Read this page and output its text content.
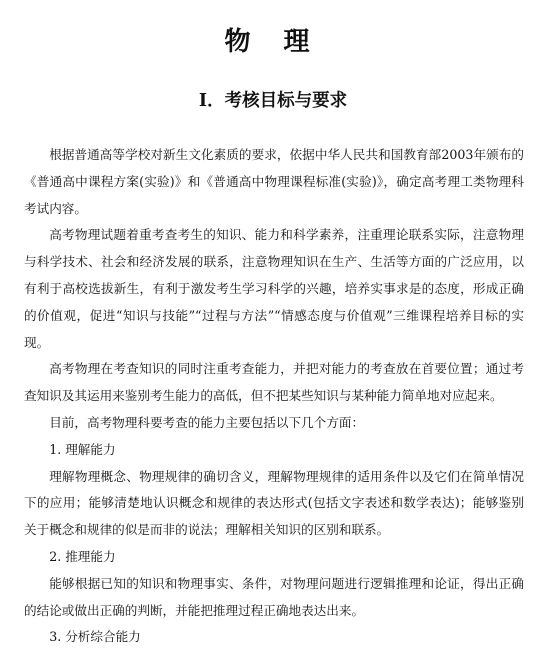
物 理
Ⅰ．考核目标与要求

根据普通高等学校对新生文化素质的要求，依据中华人民共和国教育部2003年颁布的《普通高中课程方案(实验)》和《普通高中物理课程标准(实验)》，确定高考理工类物理科考试内容。

高考物理试题着重考查考生的知识、能力和科学素养，注重理论联系实际，注意物理与科学技术、社会和经济发展的联系，注意物理知识在生产、生活等方面的广泛应用，以有利于高校选拔新生，有利于激发考生学习科学的兴趣，培养实事求是的态度，形成正确的价值观，促进“知识与技能”“过程与方法”“情感态度与价值观”三维课程培养目标的实现。

高考物理在考查知识的同时注重考查能力，并把对能力的考查放在首要位置；通过考查知识及其运用来鉴别考生能力的高低，但不把某些知识与某种能力简单地对应起来。

目前，高考物理科要考查的能力主要包括以下几个方面：

1. 理解能力

理解物理概念、物理规律的确切含义，理解物理规律的适用条件以及它们在简单情况下的应用；能够清楚地认识概念和规律的表达形式(包括文字表述和数学表达)；能够鉴别关于概念和规律的似是而非的说法；理解相关知识的区别和联系。

2. 推理能力

能够根据已知的知识和物理事实、条件，对物理问题进行逻辑推理和论证，得出正确的结论或做出正确的判断，并能把推理过程正确地表达出来。

3. 分析综合能力
